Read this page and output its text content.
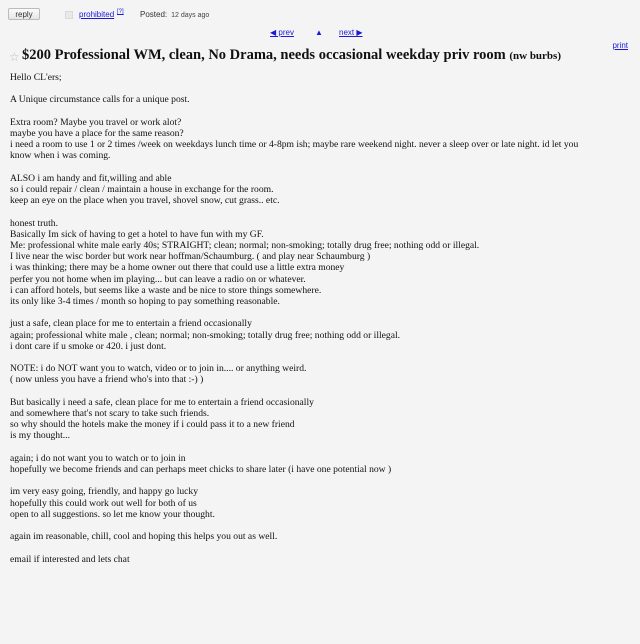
reply	prohibited [?] Posted: 12 days ago
◀ prev	▲ next ▶
print
☆ $200 Professional WM, clean, No Drama, needs occasional weekday priv room (nw burbs)

Hello CL'ers;

A Unique circumstance calls for a unique post.

Extra room? Maybe you travel or work alot?
maybe you have a place for the same reason?
i need a room to use 1 or 2 times /week on weekdays lunch time or 4-8pm ish; maybe rare weekend night. never a sleep over or late night. id let you
know when i was coming.

ALSO i am handy and fit,willing and able
so i could repair / clean / maintain a house in exchange for the room.
keep an eye on the place when you travel, shovel snow, cut grass.. etc.

honest truth.
Basically Im sick of having to get a hotel to have fun with my GF.
Me: professional white male early 40s; STRAIGHT; clean; normal; non-smoking; totally drug free; nothing odd or illegal.
I live near the wisc border but work near hoffman/Schaumburg. ( and play near Schaumburg )
i was thinking; there may be a home owner out there that could use a little extra money
perfer you not home when im playing... but can leave a radio on or whatever.
i can afford hotels, but seems like a waste and be nice to store things somewhere.
its only like 3-4 times / month so hoping to pay something reasonable.

just a safe, clean place for me to entertain a friend occasionally
again; professional white male , clean; normal; non-smoking; totally drug free; nothing odd or illegal.
i dont care if u smoke or 420. i just dont.

NOTE: i do NOT want you to watch, video or to join in.... or anything weird.
( now unless you have a friend who's into that :-) )

But basically i need a safe, clean place for me to entertain a friend occasionally
and somewhere that's not scary to take such friends.
so why should the hotels make the money if i could pass it to a new friend
is my thought...

again; i do not want you to watch or to join in
hopefully we become friends and can perhaps meet chicks to share later (i have one potential now )

im very easy going, friendly, and happy go lucky
hopefully this could work out well for both of us
open to all suggestions. so let me know your thought.

again im reasonable, chill, cool and hoping this helps you out as well.

email if interested and lets chat
